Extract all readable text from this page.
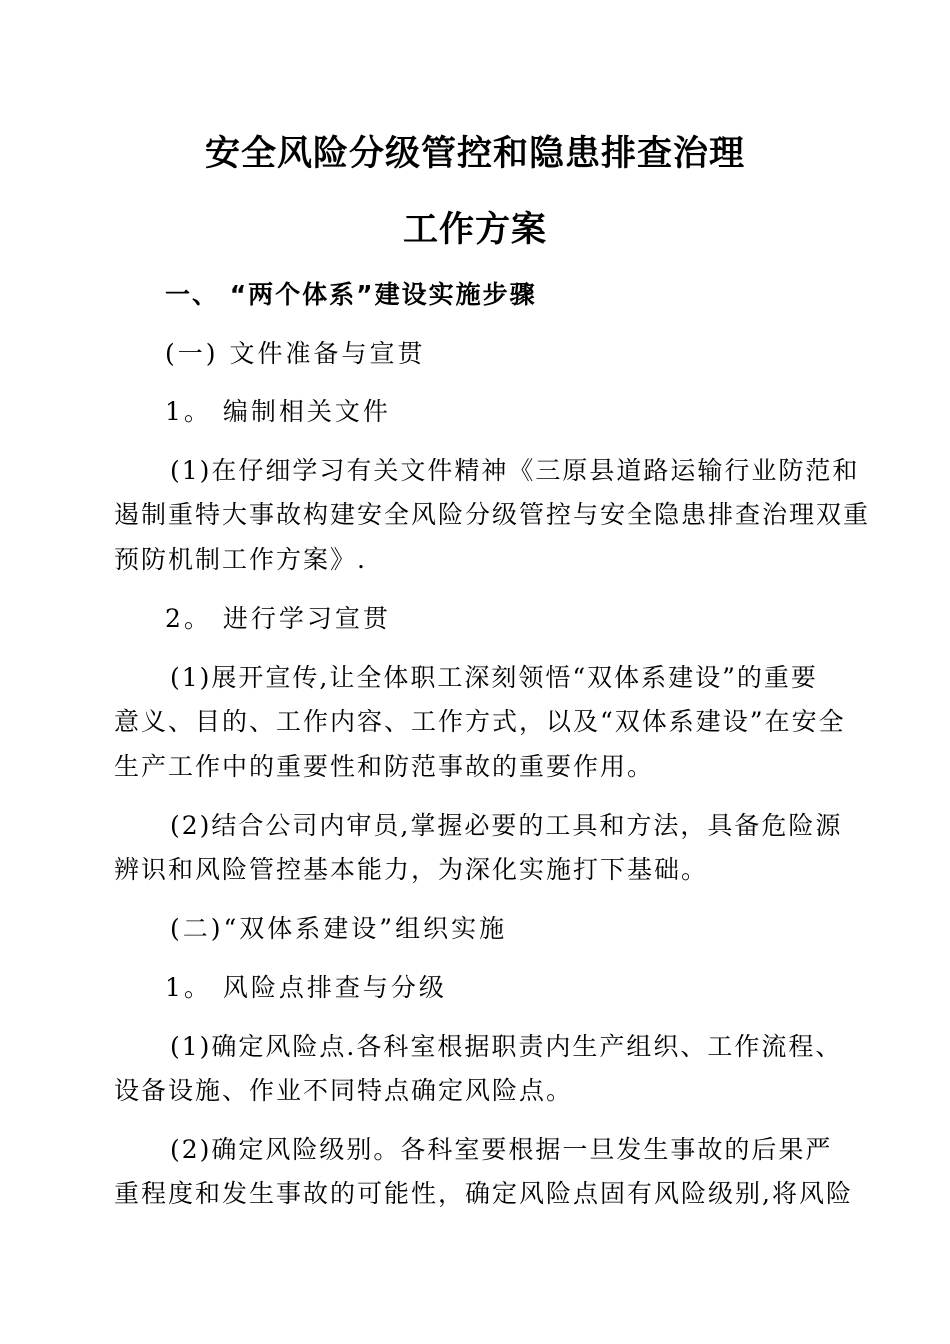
安全风险分级管控和隐患排查治理
工作方案
一、 “两个体系”建设实施步骤
(一) 文件准备与宣贯
1。 编制相关文件
(1)在仔细学习有关文件精神《三原县道路运输行业防范和
遏制重特大事故构建安全风险分级管控与安全隐患排查治理双重
预防机制工作方案》.
2。 进行学习宣贯
(1)展开宣传,让全体职工深刻领悟“双体系建设”的重要
意义、目的、工作内容、工作方式，以及“双体系建设”在安全
生产工作中的重要性和防范事故的重要作用。
(2)结合公司内审员,掌握必要的工具和方法，具备危险源
辨识和风险管控基本能力，为深化实施打下基础。
(二)“双体系建设”组织实施
1。 风险点排查与分级
(1)确定风险点.各科室根据职责内生产组织、工作流程、
设备设施、作业不同特点确定风险点。
(2)确定风险级别。各科室要根据一旦发生事故的后果严
重程度和发生事故的可能性，确定风险点固有风险级别,将风险
